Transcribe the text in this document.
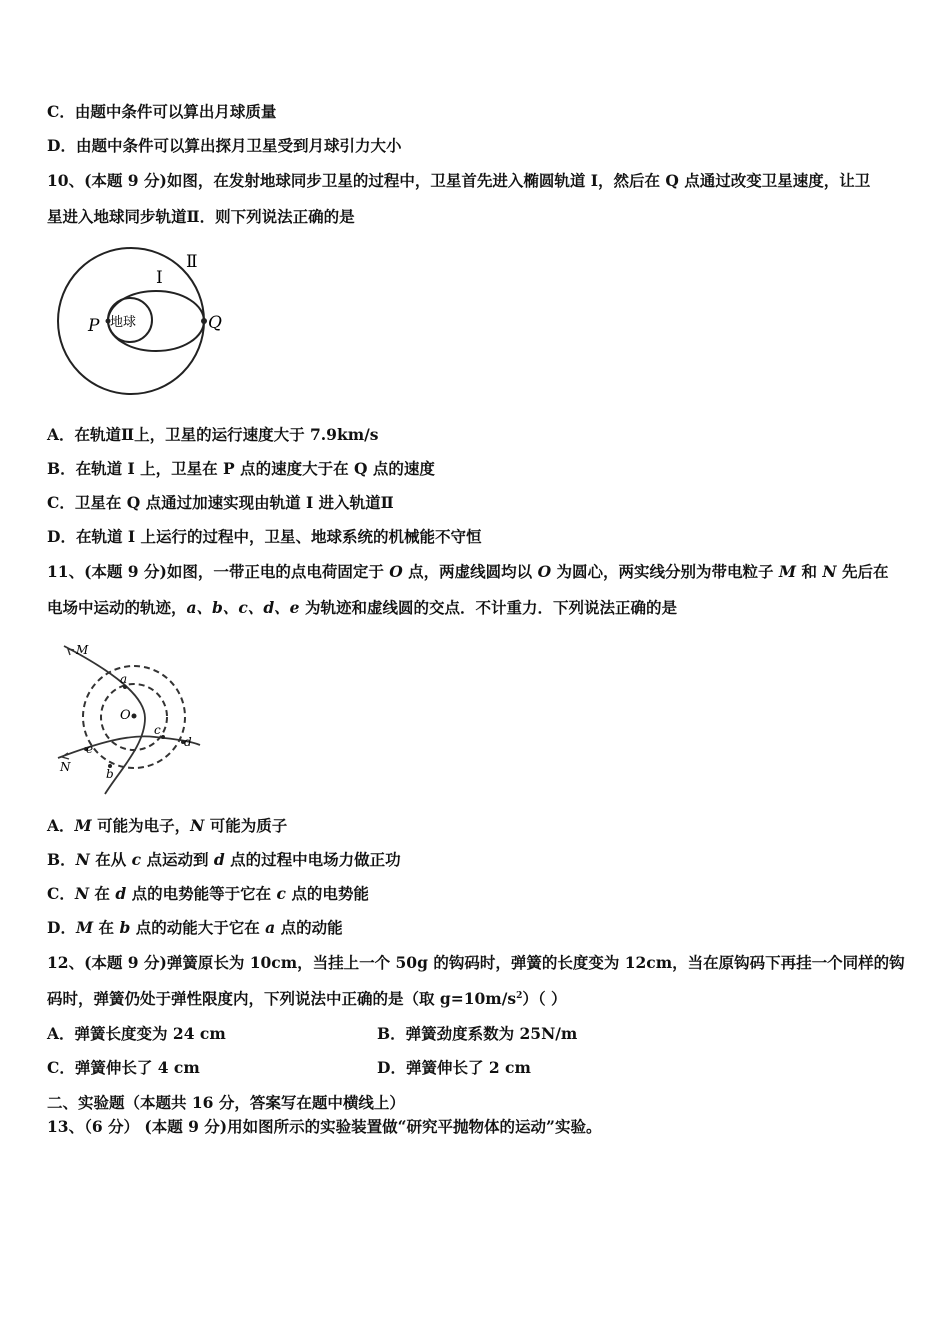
C．由题中条件可以算出月球质量
D．由题中条件可以算出探月卫星受到月球引力大小
10、(本题 9 分)如图，在发射地球同步卫星的过程中，卫星首先进入椭圆轨道 I，然后在 Q 点通过改变卫星速度，让卫
星进入地球同步轨道Ⅱ．则下列说法正确的是
地球
I
Ⅱ
P	Q
A．在轨道Ⅱ上，卫星的运行速度大于 7.9km/s
B．在轨道 I 上，卫星在 P 点的速度大于在 Q 点的速度
C．卫星在 Q 点通过加速实现由轨道 I 进入轨道Ⅱ
D．在轨道 I 上运行的过程中，卫星、地球系统的机械能不守恒
11、(本题 9 分)如图，一带正电的点电荷固定于 O 点，两虚线圆均以 O 为圆心，两实线分别为带电粒子 M 和 N 先后在
电场中运动的轨迹，a、b、c、d、e 为轨迹和虚线圆的交点．不计重力．下列说法正确的是
M
N
O
a
b
c
d
e
A．M 可能为电子，N 可能为质子
B．N 在从 c 点运动到 d 点的过程中电场力做正功
C．N 在 d 点的电势能等于它在 c 点的电势能
D．M 在 b 点的动能大于它在 a 点的动能
12、(本题 9 分)弹簧原长为 10cm，当挂上一个 50g 的钩码时，弹簧的长度变为 12cm，当在原钩码下再挂一个同样的钩
码时，弹簧仍处于弹性限度内，下列说法中正确的是（取 $g=10m/s^2$）（ ）
A．弹簧长度变为 24 cm	B．弹簧劲度系数为 25N/m
C．弹簧伸长了 4 cm	D．弹簧伸长了 2 cm
二、实验题（本题共 16 分，答案写在题中横线上）
13、（6 分） (本题 9 分)用如图所示的实验装置做“研究平抛物体的运动”实验。
